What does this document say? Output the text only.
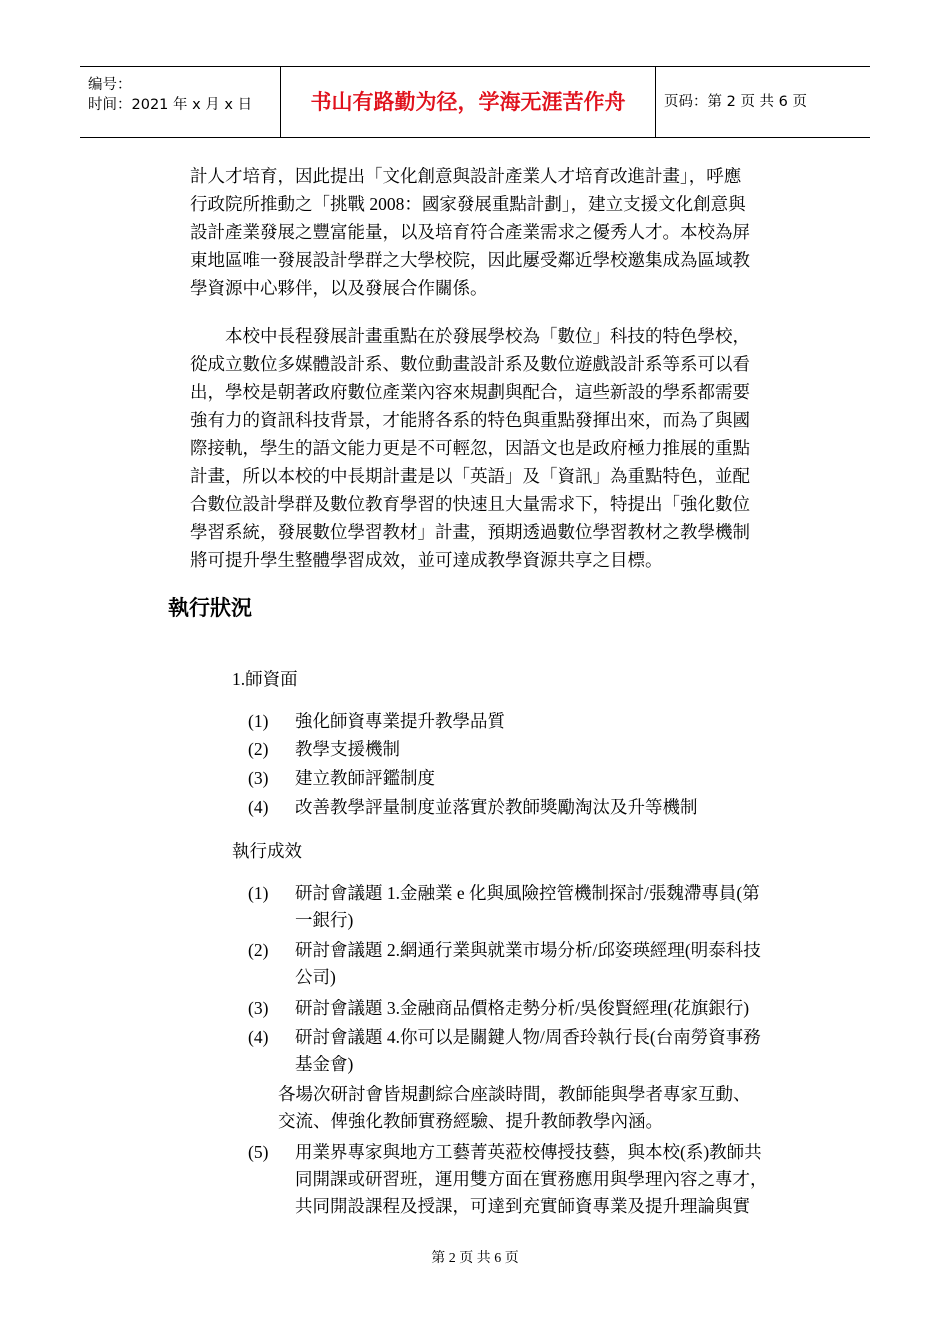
编号：
时间：2021 年 x 月 x 日	书山有路勤为径，学海无涯苦作舟	页码：第 2 页 共 6 页
計人才培育，因此提出「文化創意與設計產業人才培育改進計畫」，呼應
行政院所推動之「挑戰 2008：國家發展重點計劃」，建立支援文化創意與
設計產業發展之豐富能量，以及培育符合產業需求之優秀人才。本校為屏
東地區唯一發展設計學群之大學校院，因此屢受鄰近學校邀集成為區域教
學資源中心夥伴，以及發展合作關係。
本校中長程發展計畫重點在於發展學校為「數位」科技的特色學校，
從成立數位多媒體設計系、數位動畫設計系及數位遊戲設計系等系可以看
出，學校是朝著政府數位產業內容來規劃與配合，這些新設的學系都需要
強有力的資訊科技背景，才能將各系的特色與重點發揮出來，而為了與國
際接軌，學生的語文能力更是不可輕忽，因語文也是政府極力推展的重點
計畫，所以本校的中長期計畫是以「英語」及「資訊」為重點特色，並配
合數位設計學群及數位教育學習的快速且大量需求下，特提出「強化數位
學習系統，發展數位學習教材」計畫，預期透過數位學習教材之教學機制
將可提升學生整體學習成效，並可達成教學資源共享之目標。
執行狀況
1.師資面
(1)	強化師資專業提升教學品質
(2)	教學支援機制
(3)	建立教師評鑑制度
(4)	改善教學評量制度並落實於教師獎勵淘汰及升等機制
執行成效
(1)	研討會議題 1.金融業 e 化與風險控管機制探討/張魏滯專員(第
一銀行)
(2)	研討會議題 2.網通行業與就業市場分析/邱姿瑛經理(明泰科技
公司)
(3)	研討會議題 3.金融商品價格走勢分析/吳俊賢經理(花旗銀行)
(4)	研討會議題 4.你可以是關鍵人物/周香玲執行長(台南勞資事務
基金會)
各場次研討會皆規劃綜合座談時間，教師能與學者專家互動、
交流、俾強化教師實務經驗、提升教師教學內涵。
(5)	用業界專家與地方工藝菁英蒞校傳授技藝，與本校(系)教師共
同開課或研習班，運用雙方面在實務應用與學理內容之專才，
共同開設課程及授課，可達到充實師資專業及提升理論與實
第 2 页 共 6 页
